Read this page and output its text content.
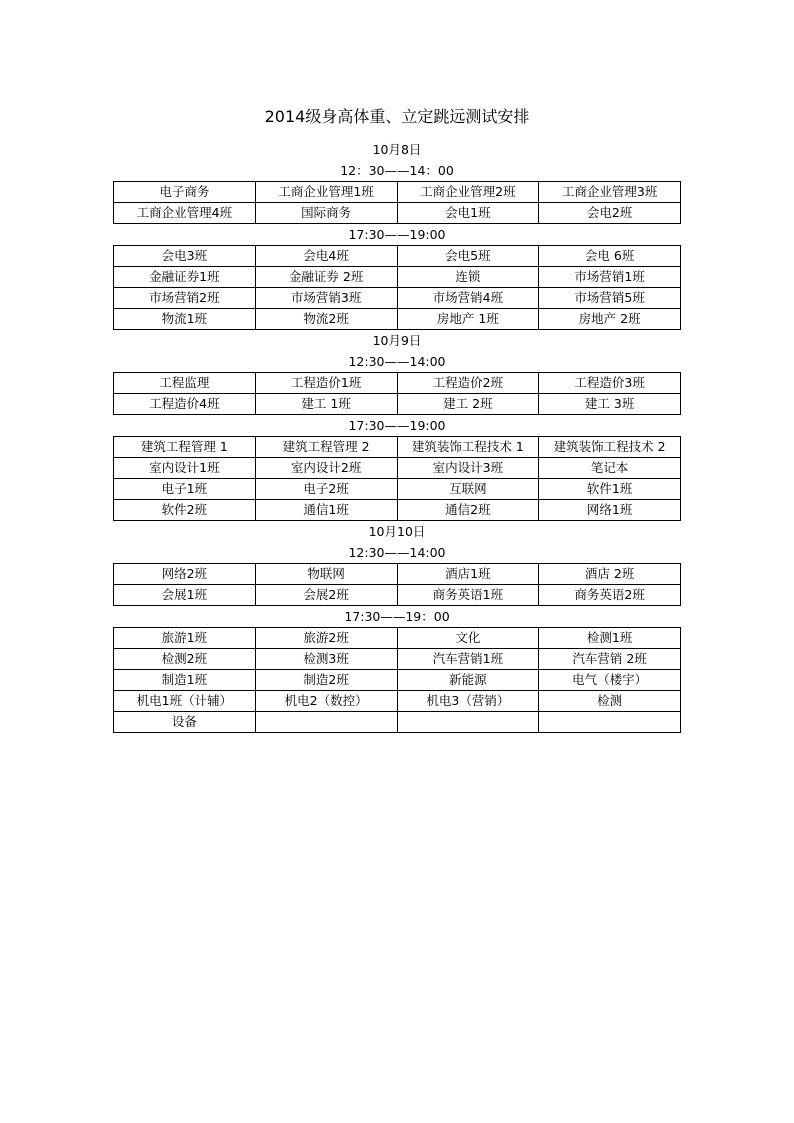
2014级身高体重、立定跳远测试安排
10月8日
12：30——14：00
电子商务	工商企业管理1班	工商企业管理2班	工商企业管理3班
工商企业管理4班	国际商务	会电1班	会电2班
17:30——19:00
会电3班	会电4班	会电5班	会电 6班
金融证券1班	金融证券 2班	连锁	市场营销1班
市场营销2班	市场营销3班	市场营销4班	市场营销5班
物流1班	物流2班	房地产 1班	房地产 2班
10月9日
12:30——14:00
工程监理	工程造价1班	工程造价2班	工程造价3班
工程造价4班	建工 1班	建工 2班	建工 3班
17:30——19:00
建筑工程管理 1	建筑工程管理 2	建筑装饰工程技术 1	建筑装饰工程技术 2
室内设计1班	室内设计2班	室内设计3班	笔记本
电子1班	电子2班	互联网	软件1班
软件2班	通信1班	通信2班	网络1班
10月10日
12:30——14:00
网络2班	物联网	酒店1班	酒店 2班
会展1班	会展2班	商务英语1班	商务英语2班
17:30——19：00
旅游1班	旅游2班	文化	检测1班
检测2班	检测3班	汽车营销1班	汽车营销 2班
制造1班	制造2班	新能源	电气（楼宇）
机电1班（计辅）	机电2（数控）	机电3（营销）	检测
设备			
